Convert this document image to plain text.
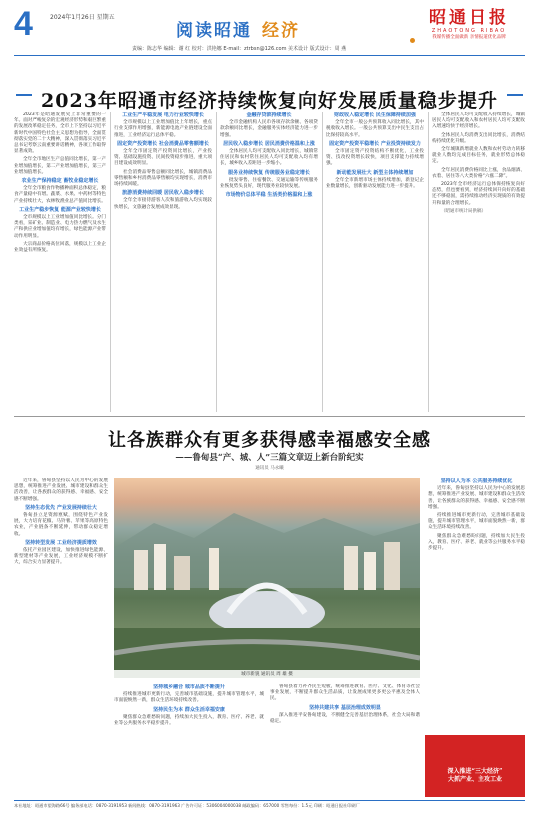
4	2024年1月26日 星期五
阅读昭通 经济
昭通日报
ZHAOTONG RIBAO
我媒传播全面做新 亲情报道优化品牌
责编：陈志华 编辑：谢 红 校对：洪艳娜 E-mail：ztrbsn@126.com 美术设计 版式设计：周 燕
2023年昭通市经济持续恢复向好发展质量稳步提升

2023年是昭通发展史上非常重要的一年。面对严峻复杂的宏观经济形势和艰巨繁重的发展改革稳定任务，全市上下坚持以习近平新时代中国特色社会主义思想为指导，全面贯彻落实党的二十大精神，深入贯彻落实习近平总书记考察云南重要讲话精神，各项工作取得显著成效。

全年全市地区生产总值同比增长，第一产业增加值增长，第二产业增加值增长，第三产业增加值增长。

农业生产保持稳定 畜牧业稳定增长

全年全市粮食作物播种面积总体稳定，粮食产量稳中有增。蔬菜、水果、中药材等特色产业持续壮大，农林牧渔业总产值同比增长。

工业生产稳步恢复 能源产业较快增长

全市规模以上工业增加值同比增长。分门类看，采矿业、制造业、电力热力燃气及水生产和供应业增加值均有增长，绿色能源产业带动作用明显。

大宗商品价格高位回落，规模以上工业企业效益有所恢复。

工业生产平稳发展 电力行业较快增长

全市规模以上工业增加值比上年增长，重点行业支撑作用增强，新能源电池产业链建设全面推进，工业经济运行总体平稳。

固定资产投资增长 社会消费品零售额增长

全年全市固定资产投资同比增长，产业投资、基础设施投资、民间投资稳步推进，重大项目建设成效明显。

社会消费品零售总额同比增长，城镇消费品零售额和乡村消费品零售额均实现增长，消费市场持续回暖。

旅游消费持续回暖 居民收入稳步增长

全年全市接待游客人次和旅游收入均实现较快增长，文旅融合发展成效显现。

金融存贷款持续增长

全市金融机构人民币各项存款余额、各项贷款余额同比增长，金融服务实体经济能力进一步增强。

居民收入稳步增长 居民消费价格温和上涨

全体居民人均可支配收入同比增长，城镇常住居民和农村常住居民人均可支配收入均有增长，城乡收入差距进一步缩小。

服务业持续恢复 传统服务业稳定增长

批发零售、住宿餐饮、交通运输等传统服务业恢复势头良好，现代服务业较快发展。

市场物价总体平稳 生活类价格温和上涨

财政收入稳定增长 民生保障持续加强

全年全市一般公共预算收入同比增长，其中税收收入增长。一般公共预算支出中民生支出占比保持较高水平。

固定资产投资平稳增长 产业投资持续发力

全市固定资产投资结构不断优化，工业投资、技改投资增长较快，项目支撑能力持续增强。

新动能发展壮大 新型主体持续增加

全年全市新增市场主体持续增加，新登记企业数量增长，创新驱动发展能力进一步提升。

全体居民人均可支配收入持续增长，城镇居民人均可支配收入和农村居民人均可支配收入增速均快于经济增长。

全体居民人均消费支出同比增长，消费结构持续优化升级。

全年城镇新增就业人数和农村劳动力转移就业人数均完成目标任务，就业形势总体稳定。

全年居民消费价格同比上涨，食品烟酒、衣着、居住等八大类价格“六涨二降”。

2023年全市经济运行总体保持恢复向好态势，但也要看到，经济持续回升向好的基础还不够稳固，需持续推动经济实现质的有效提升和量的合理增长。

（昭通市统计局供稿）

让各族群众有更多获得感幸福感安全感
——鲁甸县“产、城、人”三篇文章迈上新台阶纪实
通讯员 马永曦

近年来，鲁甸县坚持以人民为中心的发展思想，统筹推进产业发展、城市建设和群众生活改善，让各族群众的获得感、幸福感、安全感不断增强。

坚持生态优先 产业发展持续壮大

鲁甸县立足资源禀赋，围绕特色产业发展，大力培育花椒、马铃薯、苹果等高原特色农业，产业链条不断延伸，带动群众稳定增收。

坚持转型发展 工业经济提质增效

依托产业园区建设，加快推进绿色能源、新型建材等产业发展，工业经济规模不断扩大，综合实力显著提升。

城市新貌 通讯员 周 雄 摄

坚持城乡融合 城市品质不断提升

持续推进城市更新行动，完善城市基础设施，提升城市管理水平，城市面貌焕然一新，群众生活环境持续改善。

坚持民生为本 群众生活幸福安康

聚焦群众急难愁盼问题，持续加大民生投入，教育、医疗、养老、就业等公共服务水平稳步提升。

鲁甸县着力补齐民生短板，统筹推进教育、医疗、文化、体育等社会事业发展，不断提升群众生活品质，让发展成果更多更公平惠及全体人民。

坚持共建共享 基层治理成效明显

深入推进平安鲁甸建设，不断健全完善基层治理体系，社会大局和谐稳定。

坚持以人为本 公共服务持续优化

近年来，鲁甸县坚持以人民为中心的发展思想，统筹推进产业发展、城市建设和群众生活改善，让各族群众的获得感、幸福感、安全感不断增强。

持续推进城市更新行动，完善城市基础设施，提升城市管理水平，城市面貌焕然一新，群众生活环境持续改善。

聚焦群众急难愁盼问题，持续加大民生投入，教育、医疗、养老、就业等公共服务水平稳步提升。

深入推进“三大经济”
大抓产业、主攻工业
本社地址：昭通市望海路66号 编务部电话：0870-3191953 新闻热线：0870-3191963 广告许可证：5306004000038 邮政编码：657000 零售每份：1.5元 印刷：昭通日报社印刷厂
